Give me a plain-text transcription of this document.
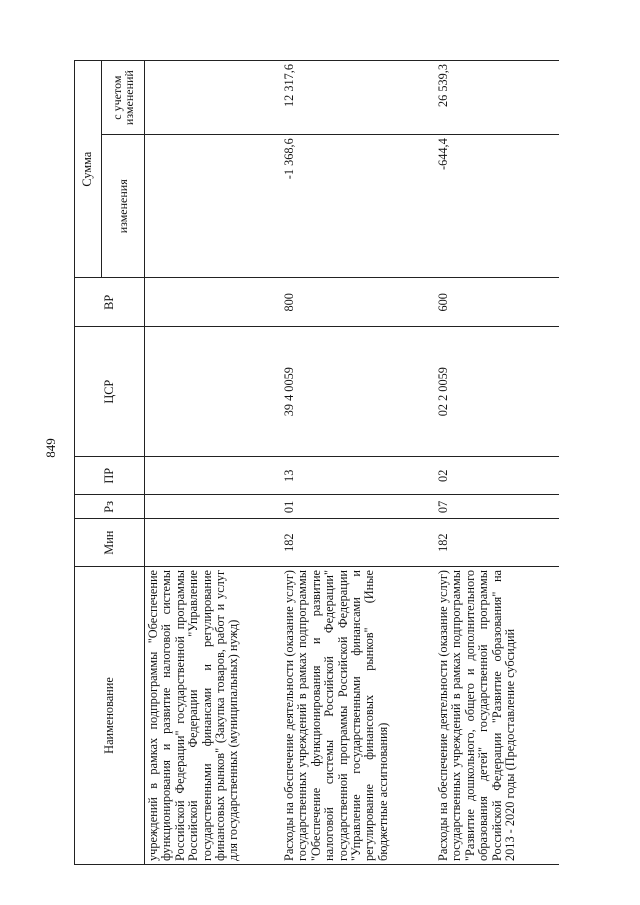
849
Наименование	Мин	Рз	ПР	ЦСР	ВР	Сумма	
						изменения	с учетом изменений
учреждений в рамках подпрограммы "Обеспечение функционирования и развитие налоговой системы Российской Федерации" государственной программы Российской Федерации "Управление государственными финансами и регулирование финансовых рынков" (Закупка товаров, работ и услуг для государственных (муниципальных) нужд)							
Расходы на обеспечение деятельности (оказание услуг) государственных учреждений в рамках подпрограммы "Обеспечение функционирования и развитие налоговой системы Российской Федерации" государственной программы Российской Федерации "Управление государственными финансами и регулирование финансовых рынков" (Иные бюджетные ассигнования)	182	01	13	39 4 0059	800	-1 368,6	12 317,6
Расходы на обеспечение деятельности (оказание услуг) государственных учреждений в рамках подпрограммы "Развитие дошкольного, общего и дополнительного образования детей" государственной программы Российской Федерации "Развитие образования" на 2013 - 2020 годы (Предоставление субсидий	182	07	02	02 2 0059	600	-644,4	26 539,3
